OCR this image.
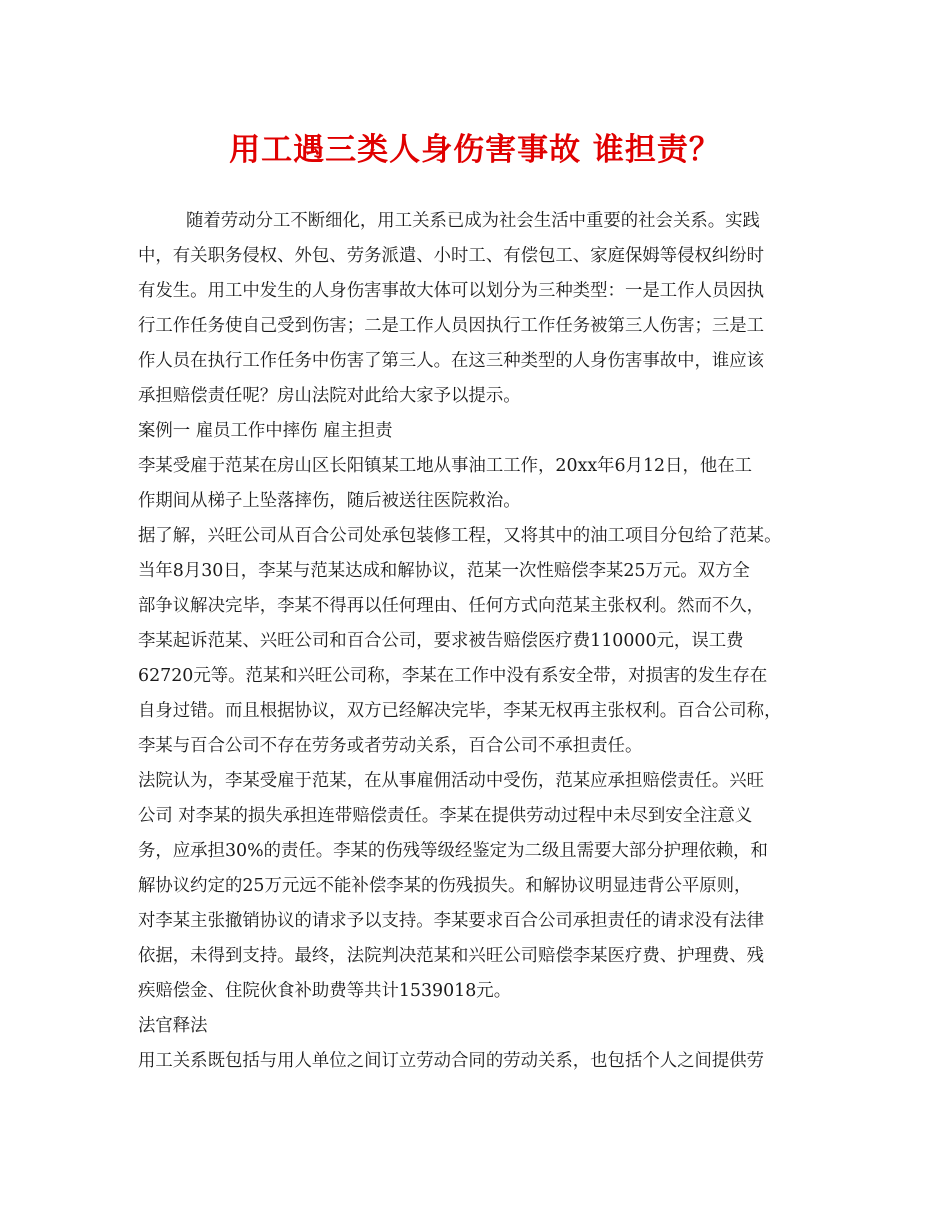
用工遇三类人身伤害事故 谁担责？
随着劳动分工不断细化，用工关系已成为社会生活中重要的社会关系。实践
中，有关职务侵权、外包、劳务派遣、小时工、有偿包工、家庭保姆等侵权纠纷时
有发生。用工中发生的人身伤害事故大体可以划分为三种类型：一是工作人员因执
行工作任务使自己受到伤害；二是工作人员因执行工作任务被第三人伤害；三是工
作人员在执行工作任务中伤害了第三人。在这三种类型的人身伤害事故中，谁应该
承担赔偿责任呢？房山法院对此给大家予以提示。
案例一 雇员工作中摔伤 雇主担责
李某受雇于范某在房山区长阳镇某工地从事油工工作，20xx年6月12日，他在工
作期间从梯子上坠落摔伤，随后被送往医院救治。
据了解，兴旺公司从百合公司处承包装修工程，又将其中的油工项目分包给了范某。
当年8月30日，李某与范某达成和解协议，范某一次性赔偿李某25万元。双方全
部争议解决完毕，李某不得再以任何理由、任何方式向范某主张权利。然而不久，
李某起诉范某、兴旺公司和百合公司，要求被告赔偿医疗费110000元，误工费
62720元等。范某和兴旺公司称，李某在工作中没有系安全带，对损害的发生存在
自身过错。而且根据协议，双方已经解决完毕，李某无权再主张权利。百合公司称，
李某与百合公司不存在劳务或者劳动关系，百合公司不承担责任。
法院认为，李某受雇于范某，在从事雇佣活动中受伤，范某应承担赔偿责任。兴旺
公司 对李某的损失承担连带赔偿责任。李某在提供劳动过程中未尽到安全注意义
务，应承担30%的责任。李某的伤残等级经鉴定为二级且需要大部分护理依赖，和
解协议约定的25万元远不能补偿李某的伤残损失。和解协议明显违背公平原则，
对李某主张撤销协议的请求予以支持。李某要求百合公司承担责任的请求没有法律
依据，未得到支持。最终，法院判决范某和兴旺公司赔偿李某医疗费、护理费、残
疾赔偿金、住院伙食补助费等共计1539018元。
法官释法
用工关系既包括与用人单位之间订立劳动合同的劳动关系，也包括个人之间提供劳
